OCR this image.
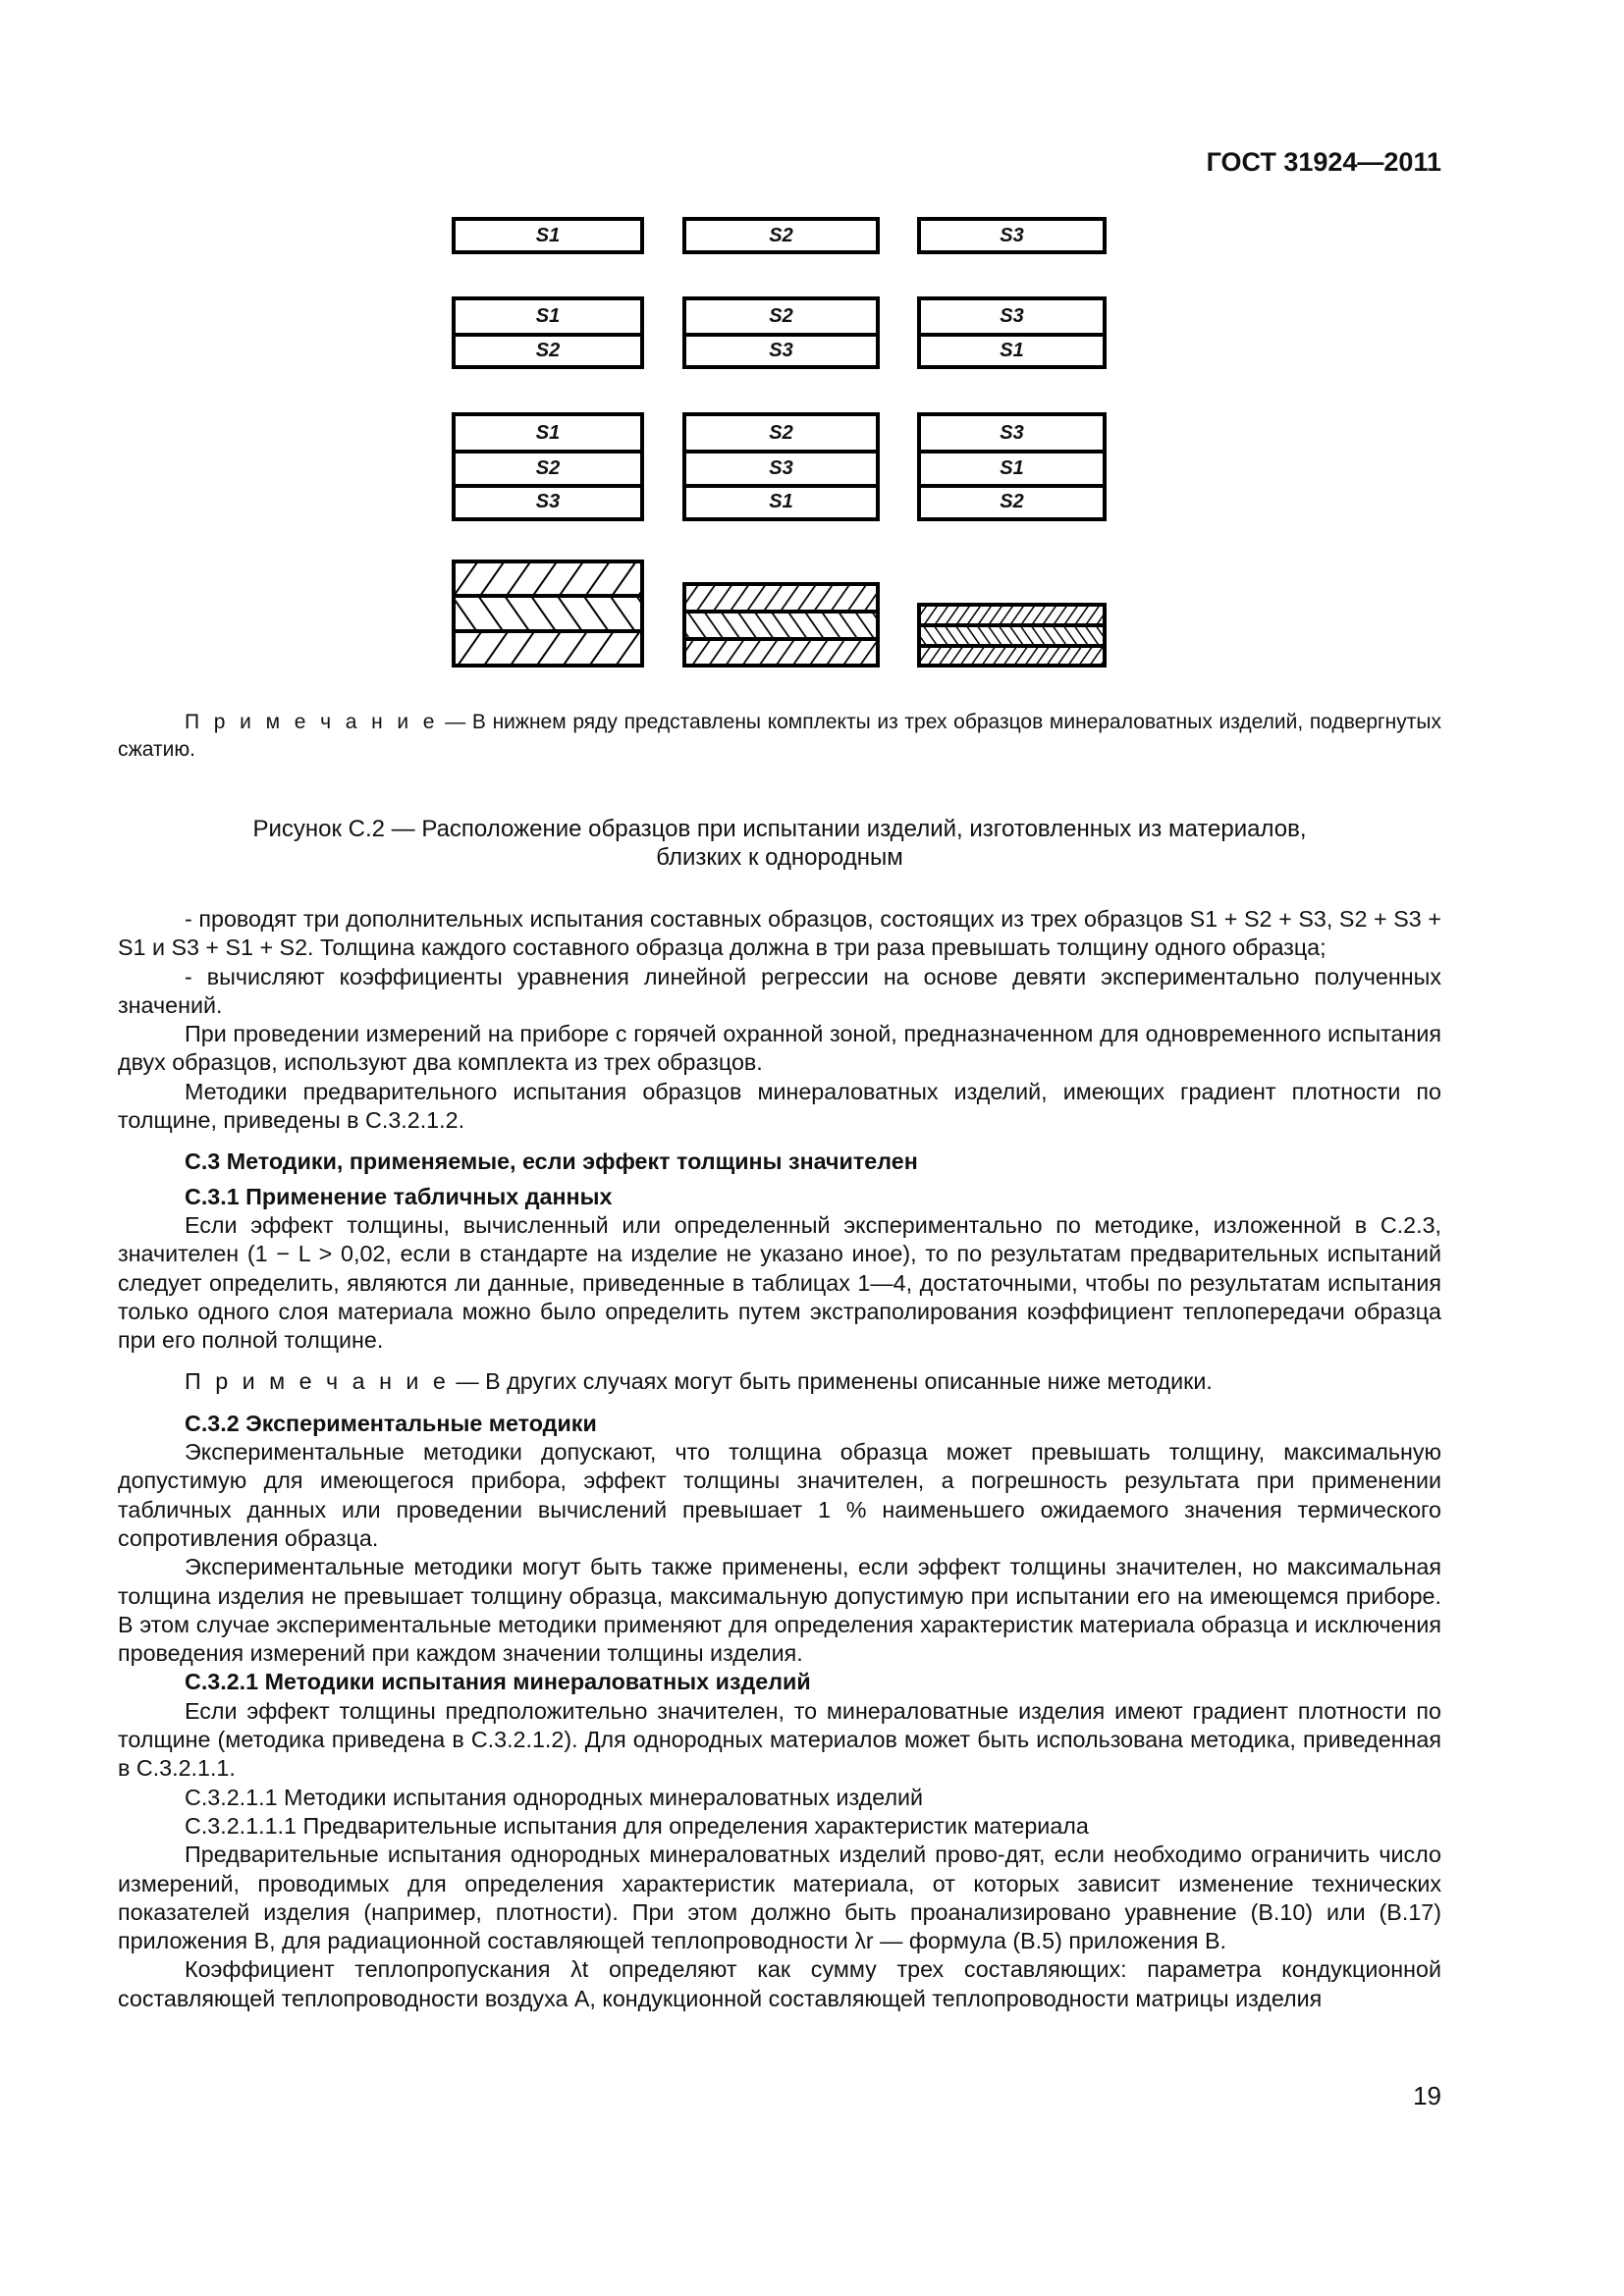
ГОСТ 31924—2011
S1	S2	S3
S1
S2
S2
S3
S3
S1
S1
S2
S3
S2
S3
S1
S3
S1
S2
П р и м е ч а н и е — В нижнем ряду представлены комплекты из трех образцов минераловатных изделий, подвергнутых сжатию.
Рисунок С.2 — Расположение образцов при испытании изделий, изготовленных из материалов,
близких к однородным

- проводят три дополнительных испытания составных образцов, состоящих из трех образцов S1 + S2 + S3, S2 + S3 + S1 и S3 + S1 + S2. Толщина каждого составного образца должна в три раза превышать толщину одного образца;

- вычисляют коэффициенты уравнения линейной регрессии на основе девяти экспериментально полученных значений.

При проведении измерений на приборе с горячей охранной зоной, предназначенном для одновременного испытания двух образцов, используют два комплекта из трех образцов.

Методики предварительного испытания образцов минераловатных изделий, имеющих градиент плотности по толщине, приведены в С.3.2.1.2.

С.3 Методики, применяемые, если эффект толщины значителен
С.3.1 Применение табличных данных

Если эффект толщины, вычисленный или определенный экспериментально по методике, изложенной в С.2.3, значителен (1 − L > 0,02, если в стандарте на изделие не указано иное), то по результатам предварительных испытаний следует определить, являются ли данные, приведенные в таблицах 1—4, достаточными, чтобы по результатам испытания только одного слоя материала можно было определить путем экстраполирования коэффициент теплопередачи образца при его полной толщине.

П р и м е ч а н и е — В других случаях могут быть применены описанные ниже методики.

С.3.2 Экспериментальные методики

Экспериментальные методики допускают, что толщина образца может превышать толщину, максимальную допустимую для имеющегося прибора, эффект толщины значителен, а погрешность результата при применении табличных данных или проведении вычислений превышает 1 % наименьшего ожидаемого значения термического сопротивления образца.

Экспериментальные методики могут быть также применены, если эффект толщины значителен, но максимальная толщина изделия не превышает толщину образца, максимальную допустимую при испытании его на имеющемся приборе. В этом случае экспериментальные методики применяют для определения характеристик материала образца и исключения проведения измерений при каждом значении толщины изделия.

С.3.2.1 Методики испытания минераловатных изделий

Если эффект толщины предположительно значителен, то минераловатные изделия имеют градиент плотности по толщине (методика приведена в С.3.2.1.2). Для однородных материалов может быть использована методика, приведенная в С.3.2.1.1.

С.3.2.1.1 Методики испытания однородных минераловатных изделий

С.3.2.1.1.1 Предварительные испытания для определения характеристик материала

Предварительные испытания однородных минераловатных изделий прово-дят, если необходимо ограничить число измерений, проводимых для определения характеристик материала, от которых зависит изменение технических показателей изделия (например, плотности). При этом должно быть проанализировано уравнение (В.10) или (В.17) приложения В, для радиационной составляющей теплопроводности λr — формула (В.5) приложения В.

Коэффициент теплопропускания λt определяют как сумму трех составляющих: параметра кондукционной составляющей теплопроводности воздуха A, кондукционной составляющей теплопроводности матрицы изделия

19
